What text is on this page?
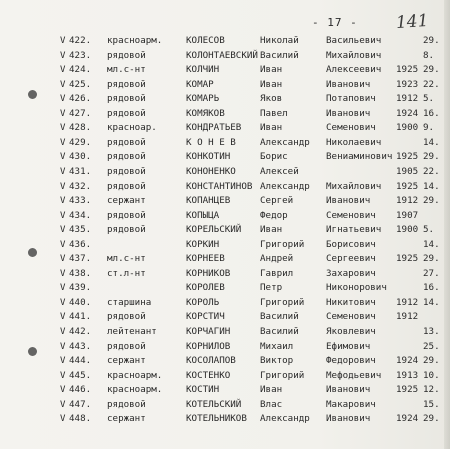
- 17 - 141
V 422. красноарм.	КОЛЕСОВ	Николай	Васильевич	29.
V 423. рядовой	КОЛОНТАЕВСКИЙ Василий	Михайлович	8.
V 424. мл.с-нт	КОЛЧИН	Иван	Алексеевич 1925 29.
V 425. рядовой	КОМАР	Иван	Иванович	1923 22.
V 426. рядовой	КОМАРЬ	Яков	Потапович 1912 5.
V 427. рядовой	КОМЯКОВ	Павел	Иванович	1924 16.
V 428. красноар.	КОНДРАТЬЕВ Иван	Семенович 1900 9.
V 429. рядовой	К О Н Е В	Александр Николаевич	14.
V 430. рядовой	КОНКОТИН	Борис	Вениаминович 1925 29.
V 431. рядовой	КОНОНЕНКО	Алексей	1905 22.
V 432. рядовой	КОНСТАНТИНОВ Александр Михайлович 1925 14.
V 433. сержант	КОПАНЦЕВ	Сергей	Иванович	1912 29.
V 434. рядовой	КОПЫЦА	Федор	Семенович 1907
V 435. рядовой	КОРЕЛЬСКИЙ Иван	Игнатьевич 1900 5.
V 436.	КОРКИН	Григорий Борисович	14.
V 437. мл.с-нт	КОРНЕЕВ	Андрей	Сергеевич 1925 29.
V 438. ст.л-нт	КОРНИКОВ	Гаврил	Захарович	27.
V 439.	КОРОЛЕВ	Петр	Никонорович	16.
V 440. старшина	КОРОЛЬ	Григорий Никитович 1912 14.
V 441. рядовой	КОРСТИЧ	Василий	Семенович 1912
V 442. лейтенант	КОРЧАГИН	Василий	Яковлевич	13.
V 443. рядовой	КОРНИЛОВ	Михаил	Ефимович	25.
V 444. сержант	КОСОЛАПОВ	Виктор	Федорович 1924 29.
V 445. красноарм.	КОСТЕНКО	Григорий Мефодьевич 1913 10.
V 446. красноарм.	КОСТИН	Иван	Иванович	1925 12.
V 447. рядовой	КОТЕЛЬСКИЙ Влас	Макарович	15.
V 448. сержант	КОТЕЛЬНИКОВ Александр Иванович	1924 29.
